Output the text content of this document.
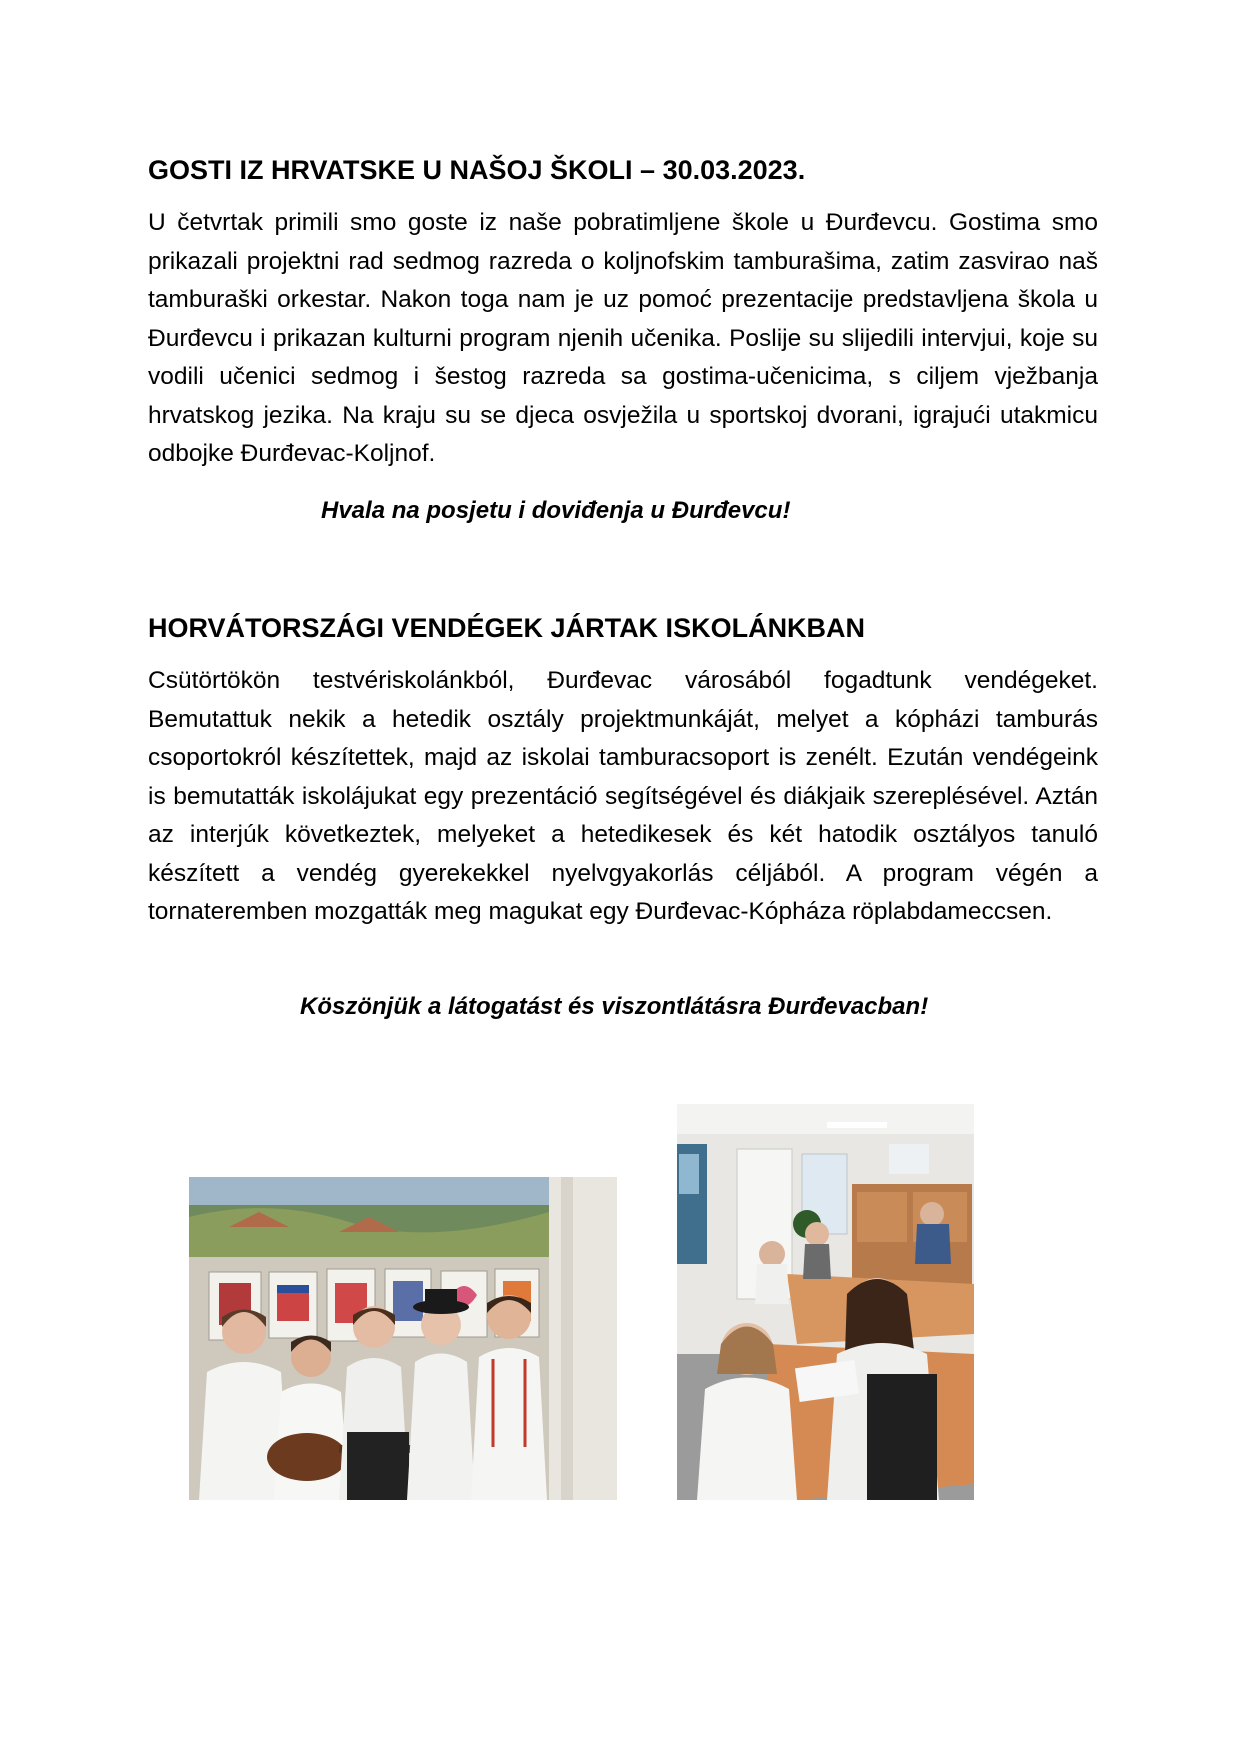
GOSTI IZ HRVATSKE U NAŠOJ ŠKOLI – 30.03.2023.

U četvrtak primili smo goste iz naše pobratimljene škole u Đurđevcu. Gostima smo prikazali projektni rad sedmog razreda o koljnofskim tamburašima, zatim zasvirao naš tamburaški orkestar. Nakon toga nam je uz pomoć prezentacije predstavljena škola u Đurđevcu i prikazan kulturni program njenih učenika. Poslije su slijedili intervjui, koje su vodili učenici sedmog i šestog razreda sa gostima-učenicima, s ciljem vježbanja hrvatskog jezika. Na kraju su se djeca osvježila u sportskoj dvorani, igrajući utakmicu odbojke Đurđevac-Koljnof.

Hvala na posjetu i doviđenja u Đurđevcu!

HORVÁTORSZÁGI VENDÉGEK JÁRTAK ISKOLÁNKBAN

Csütörtökön testvériskolánkból, Đurđevac városából fogadtunk vendégeket. Bemutattuk nekik a hetedik osztály projektmunkáját, melyet a kópházi tamburás csoportokról készítettek, majd az iskolai tamburacsoport is zenélt. Ezután vendégeink is bemutatták iskolájukat egy prezentáció segítségével és diákjaik szereplésével. Aztán az interjúk következtek, melyeket a hetedikesek és két hatodik osztályos tanuló készített a vendég gyerekekkel nyelvgyakorlás céljából. A program végén a tornateremben mozgatták meg magukat egy Đurđevac-Kópháza röplabdameccsen.

Köszönjük a látogatást és viszontlátásra Đurđevacban!
